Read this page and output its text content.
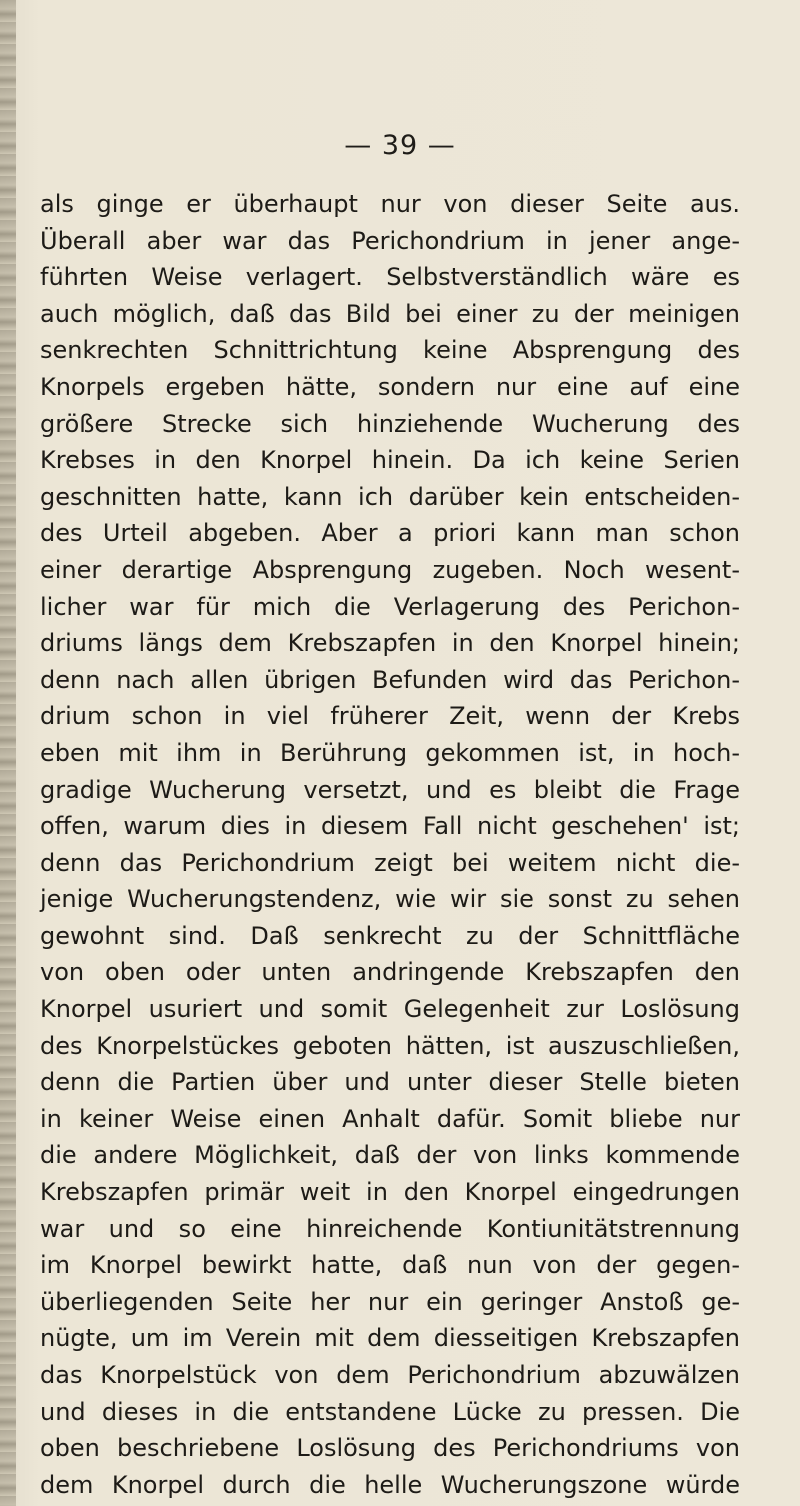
— 39 —
als ginge er überhaupt nur von dieser Seite aus.
Überall aber war das Perichondrium in jener ange-
führten Weise verlagert. Selbstverständlich wäre es
auch möglich, daß das Bild bei einer zu der meinigen
senkrechten Schnittrichtung keine Absprengung des
Knorpels ergeben hätte, sondern nur eine auf eine
größere Strecke sich hinziehende Wucherung des
Krebses in den Knorpel hinein. Da ich keine Serien
geschnitten hatte, kann ich darüber kein entscheiden-
des Urteil abgeben. Aber a priori kann man schon
einer derartige Absprengung zugeben. Noch wesent-
licher war für mich die Verlagerung des Perichon-
driums längs dem Krebszapfen in den Knorpel hinein;
denn nach allen übrigen Befunden wird das Perichon-
drium schon in viel früherer Zeit, wenn der Krebs
eben mit ihm in Berührung gekommen ist, in hoch-
gradige Wucherung versetzt, und es bleibt die Frage
offen, warum dies in diesem Fall nicht geschehen' ist;
denn das Perichondrium zeigt bei weitem nicht die-
jenige Wucherungstendenz, wie wir sie sonst zu sehen
gewohnt sind. Daß senkrecht zu der Schnittfläche
von oben oder unten andringende Krebszapfen den
Knorpel usuriert und somit Gelegenheit zur Loslösung
des Knorpelstückes geboten hätten, ist auszuschließen,
denn die Partien über und unter dieser Stelle bieten
in keiner Weise einen Anhalt dafür. Somit bliebe nur
die andere Möglichkeit, daß der von links kommende
Krebszapfen primär weit in den Knorpel eingedrungen
war und so eine hinreichende Kontiunitätstrennung
im Knorpel bewirkt hatte, daß nun von der gegen-
überliegenden Seite her nur ein geringer Anstoß ge-
nügte, um im Verein mit dem diesseitigen Krebszapfen
das Knorpelstück von dem Perichondrium abzuwälzen
und dieses in die entstandene Lücke zu pressen. Die
oben beschriebene Loslösung des Perichondriums von
dem Knorpel durch die helle Wucherungszone würde
